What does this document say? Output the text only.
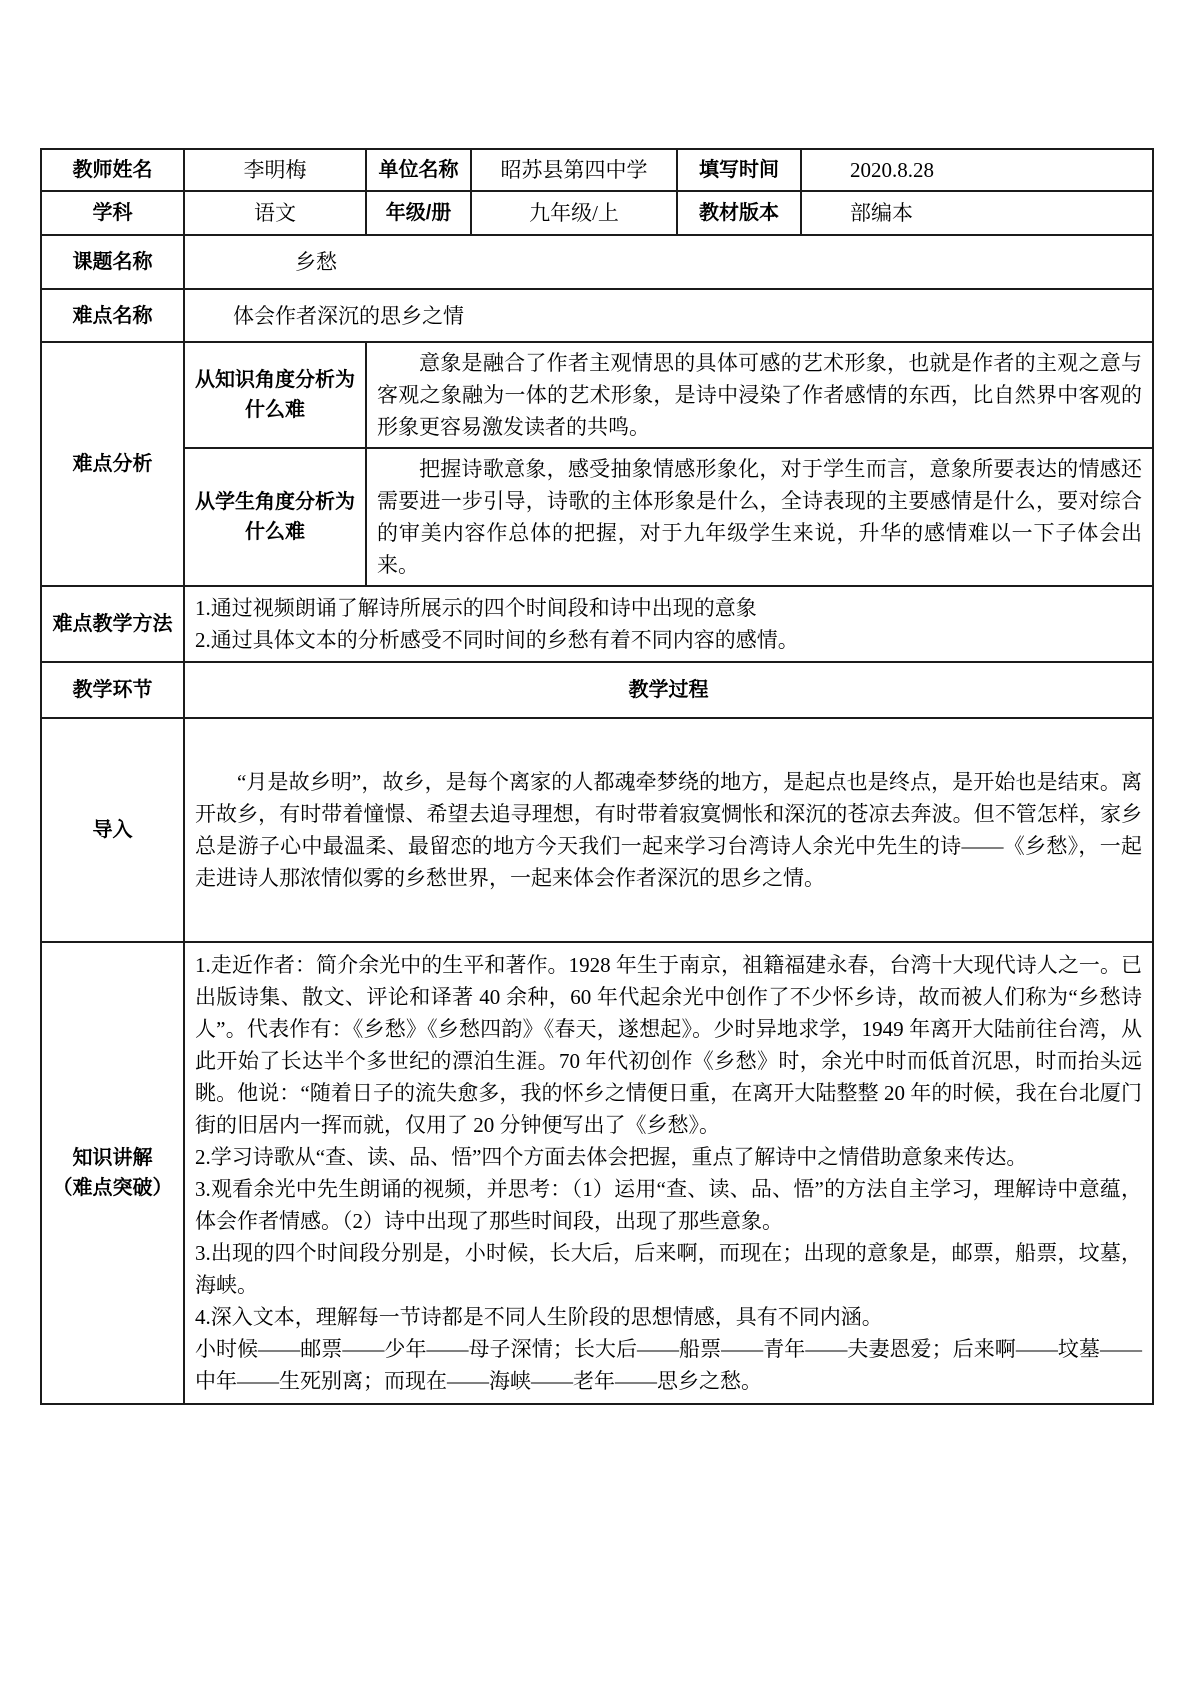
教师姓名	李明梅	单位名称	昭苏县第四中学	填写时间	2020.8.28
学科	语文	年级/册	九年级/上	教材版本	部编本
课题名称	乡愁				
难点名称	体会作者深沉的思乡之情				
难点分析	从知识角度分析为什么难	意象是融合了作者主观情思的具体可感的艺术形象，也就是作者的主观之意与客观之象融为一体的艺术形象，是诗中浸染了作者感情的东西，比自然界中客观的形象更容易激发读者的共鸣。			
	从学生角度分析为什么难	把握诗歌意象，感受抽象情感形象化，对于学生而言，意象所要表达的情感还需要进一步引导，诗歌的主体形象是什么，全诗表现的主要感情是什么，要对综合的审美内容作总体的把握，对于九年级学生来说，升华的感情难以一下子体会出来。			
难点教学方法	1.通过视频朗诵了解诗所展示的四个时间段和诗中出现的意象
2.通过具体文本的分析感受不同时间的乡愁有着不同内容的感情。				

教学环节	教学过程				
导入	“月是故乡明”，故乡，是每个离家的人都魂牵梦绕的地方，是起点也是终点，是开始也是结束。离开故乡，有时带着憧憬、希望去追寻理想，有时带着寂寞惆怅和深沉的苍凉去奔波。但不管怎样，家乡总是游子心中最温柔、最留恋的地方今天我们一起来学习台湾诗人余光中先生的诗——《乡愁》，一起走进诗人那浓情似雾的乡愁世界，一起来体会作者深沉的思乡之情。				

知识讲解
（难点突破）

1.走近作者：简介余光中的生平和著作。1928 年生于南京，祖籍福建永春，台湾十大现代诗人之一。已出版诗集、散文、评论和译著 40 余种，60 年代起余光中创作了不少怀乡诗，故而被人们称为“乡愁诗人”。代表作有：《乡愁》《乡愁四韵》《春天，遂想起》。少时异地求学，1949 年离开大陆前往台湾，从此开始了长达半个多世纪的漂泊生涯。70 年代初创作《乡愁》时，余光中时而低首沉思，时而抬头远眺。他说：“随着日子的流失愈多，我的怀乡之情便日重，在离开大陆整整 20 年的时候，我在台北厦门街的旧居内一挥而就，仅用了 20 分钟便写出了《乡愁》。

2.学习诗歌从“查、读、品、悟”四个方面去体会把握，重点了解诗中之情借助意象来传达。

3.观看余光中先生朗诵的视频，并思考：（1）运用“查、读、品、悟”的方法自主学习，理解诗中意蕴，体会作者情感。（2）诗中出现了那些时间段，出现了那些意象。

3.出现的四个时间段分别是，小时候，长大后，后来啊，而现在；出现的意象是，邮票，船票，坟墓，海峡。

4.深入文本，理解每一节诗都是不同人生阶段的思想情感，具有不同内涵。

小时候——邮票——少年——母子深情；长大后——船票——青年——夫妻恩爱；后来啊——坟墓——中年——生死别离；而现在——海峡——老年——思乡之愁。
